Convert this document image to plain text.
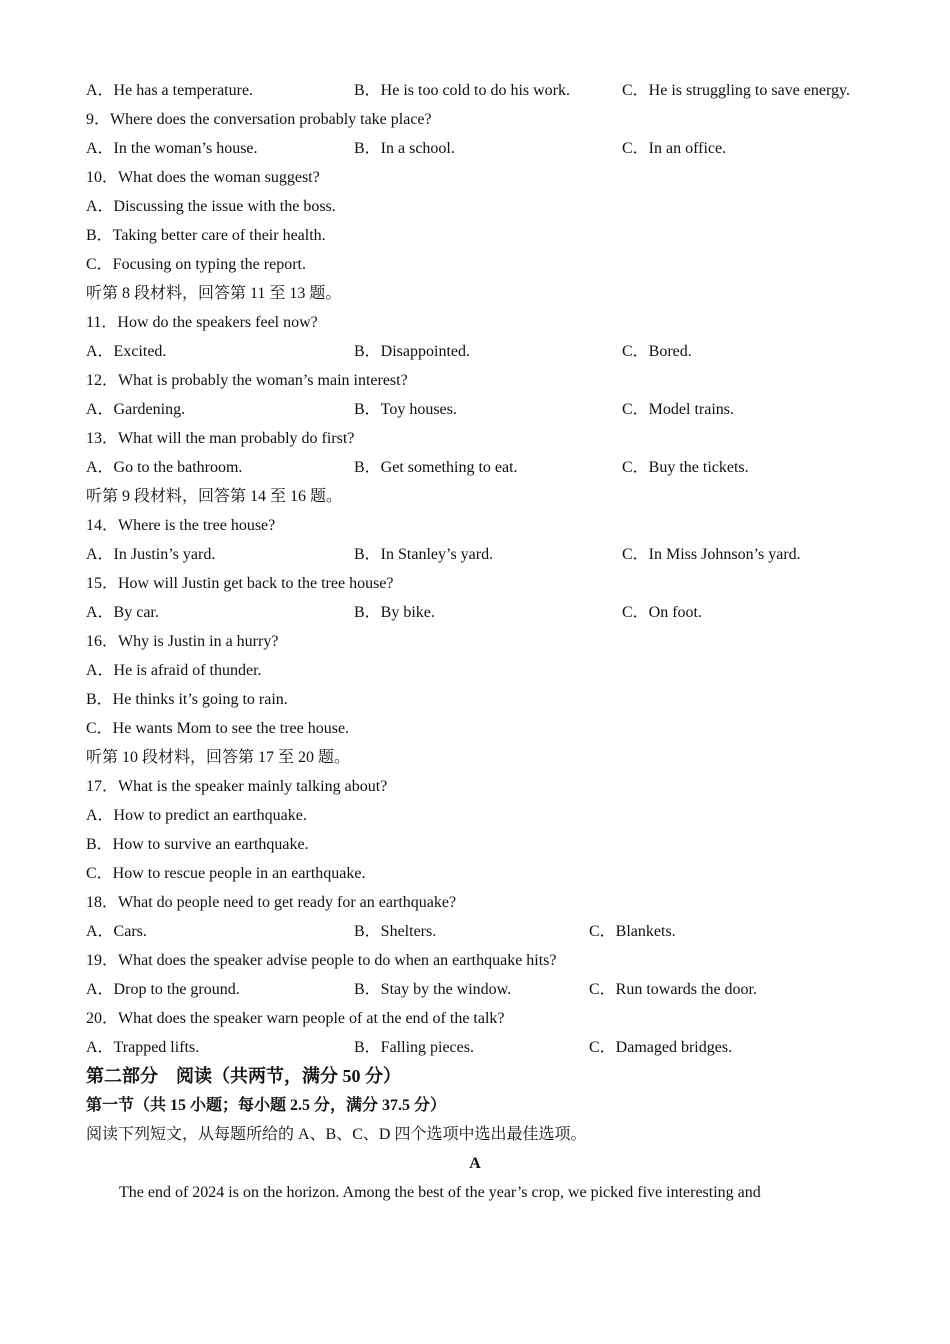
A．He has a temperature.	B．He is too cold to do his work.	C．He is struggling to save energy.
9．Where does the conversation probably take place?
A．In the woman’s house.	B．In a school.	C．In an office.
10．What does the woman suggest?
A．Discussing the issue with the boss.
B．Taking better care of their health.
C．Focusing on typing the report.
听第 8 段材料，回答第 11 至 13 题。
11．How do the speakers feel now?
A．Excited.	B．Disappointed.	C．Bored.
12．What is probably the woman’s main interest?
A．Gardening.	B．Toy houses.	C．Model trains.
13．What will the man probably do first?
A．Go to the bathroom.	B．Get something to eat.	C．Buy the tickets.
听第 9 段材料，回答第 14 至 16 题。
14．Where is the tree house?
A．In Justin’s yard.	B．In Stanley’s yard.	C．In Miss Johnson’s yard.
15．How will Justin get back to the tree house?
A．By car.	B．By bike.	C．On foot.
16．Why is Justin in a hurry?
A．He is afraid of thunder.
B．He thinks it’s going to rain.
C．He wants Mom to see the tree house.
听第 10 段材料，回答第 17 至 20 题。
17．What is the speaker mainly talking about?
A．How to predict an earthquake.
B．How to survive an earthquake.
C．How to rescue people in an earthquake.
18．What do people need to get ready for an earthquake?
A．Cars.	B．Shelters.	C．Blankets.
19．What does the speaker advise people to do when an earthquake hits?
A．Drop to the ground.	B．Stay by the window.	C．Run towards the door.
20．What does the speaker warn people of at the end of the talk?
A．Trapped lifts.	B．Falling pieces.	C．Damaged bridges.
第二部分　阅读（共两节，满分 50 分）
第一节（共 15 小题；每小题 2.5 分，满分 37.5 分）
阅读下列短文，从每题所给的 A、B、C、D 四个选项中选出最佳选项。
A
The end of 2024 is on the horizon. Among the best of the year’s crop, we picked five interesting and
